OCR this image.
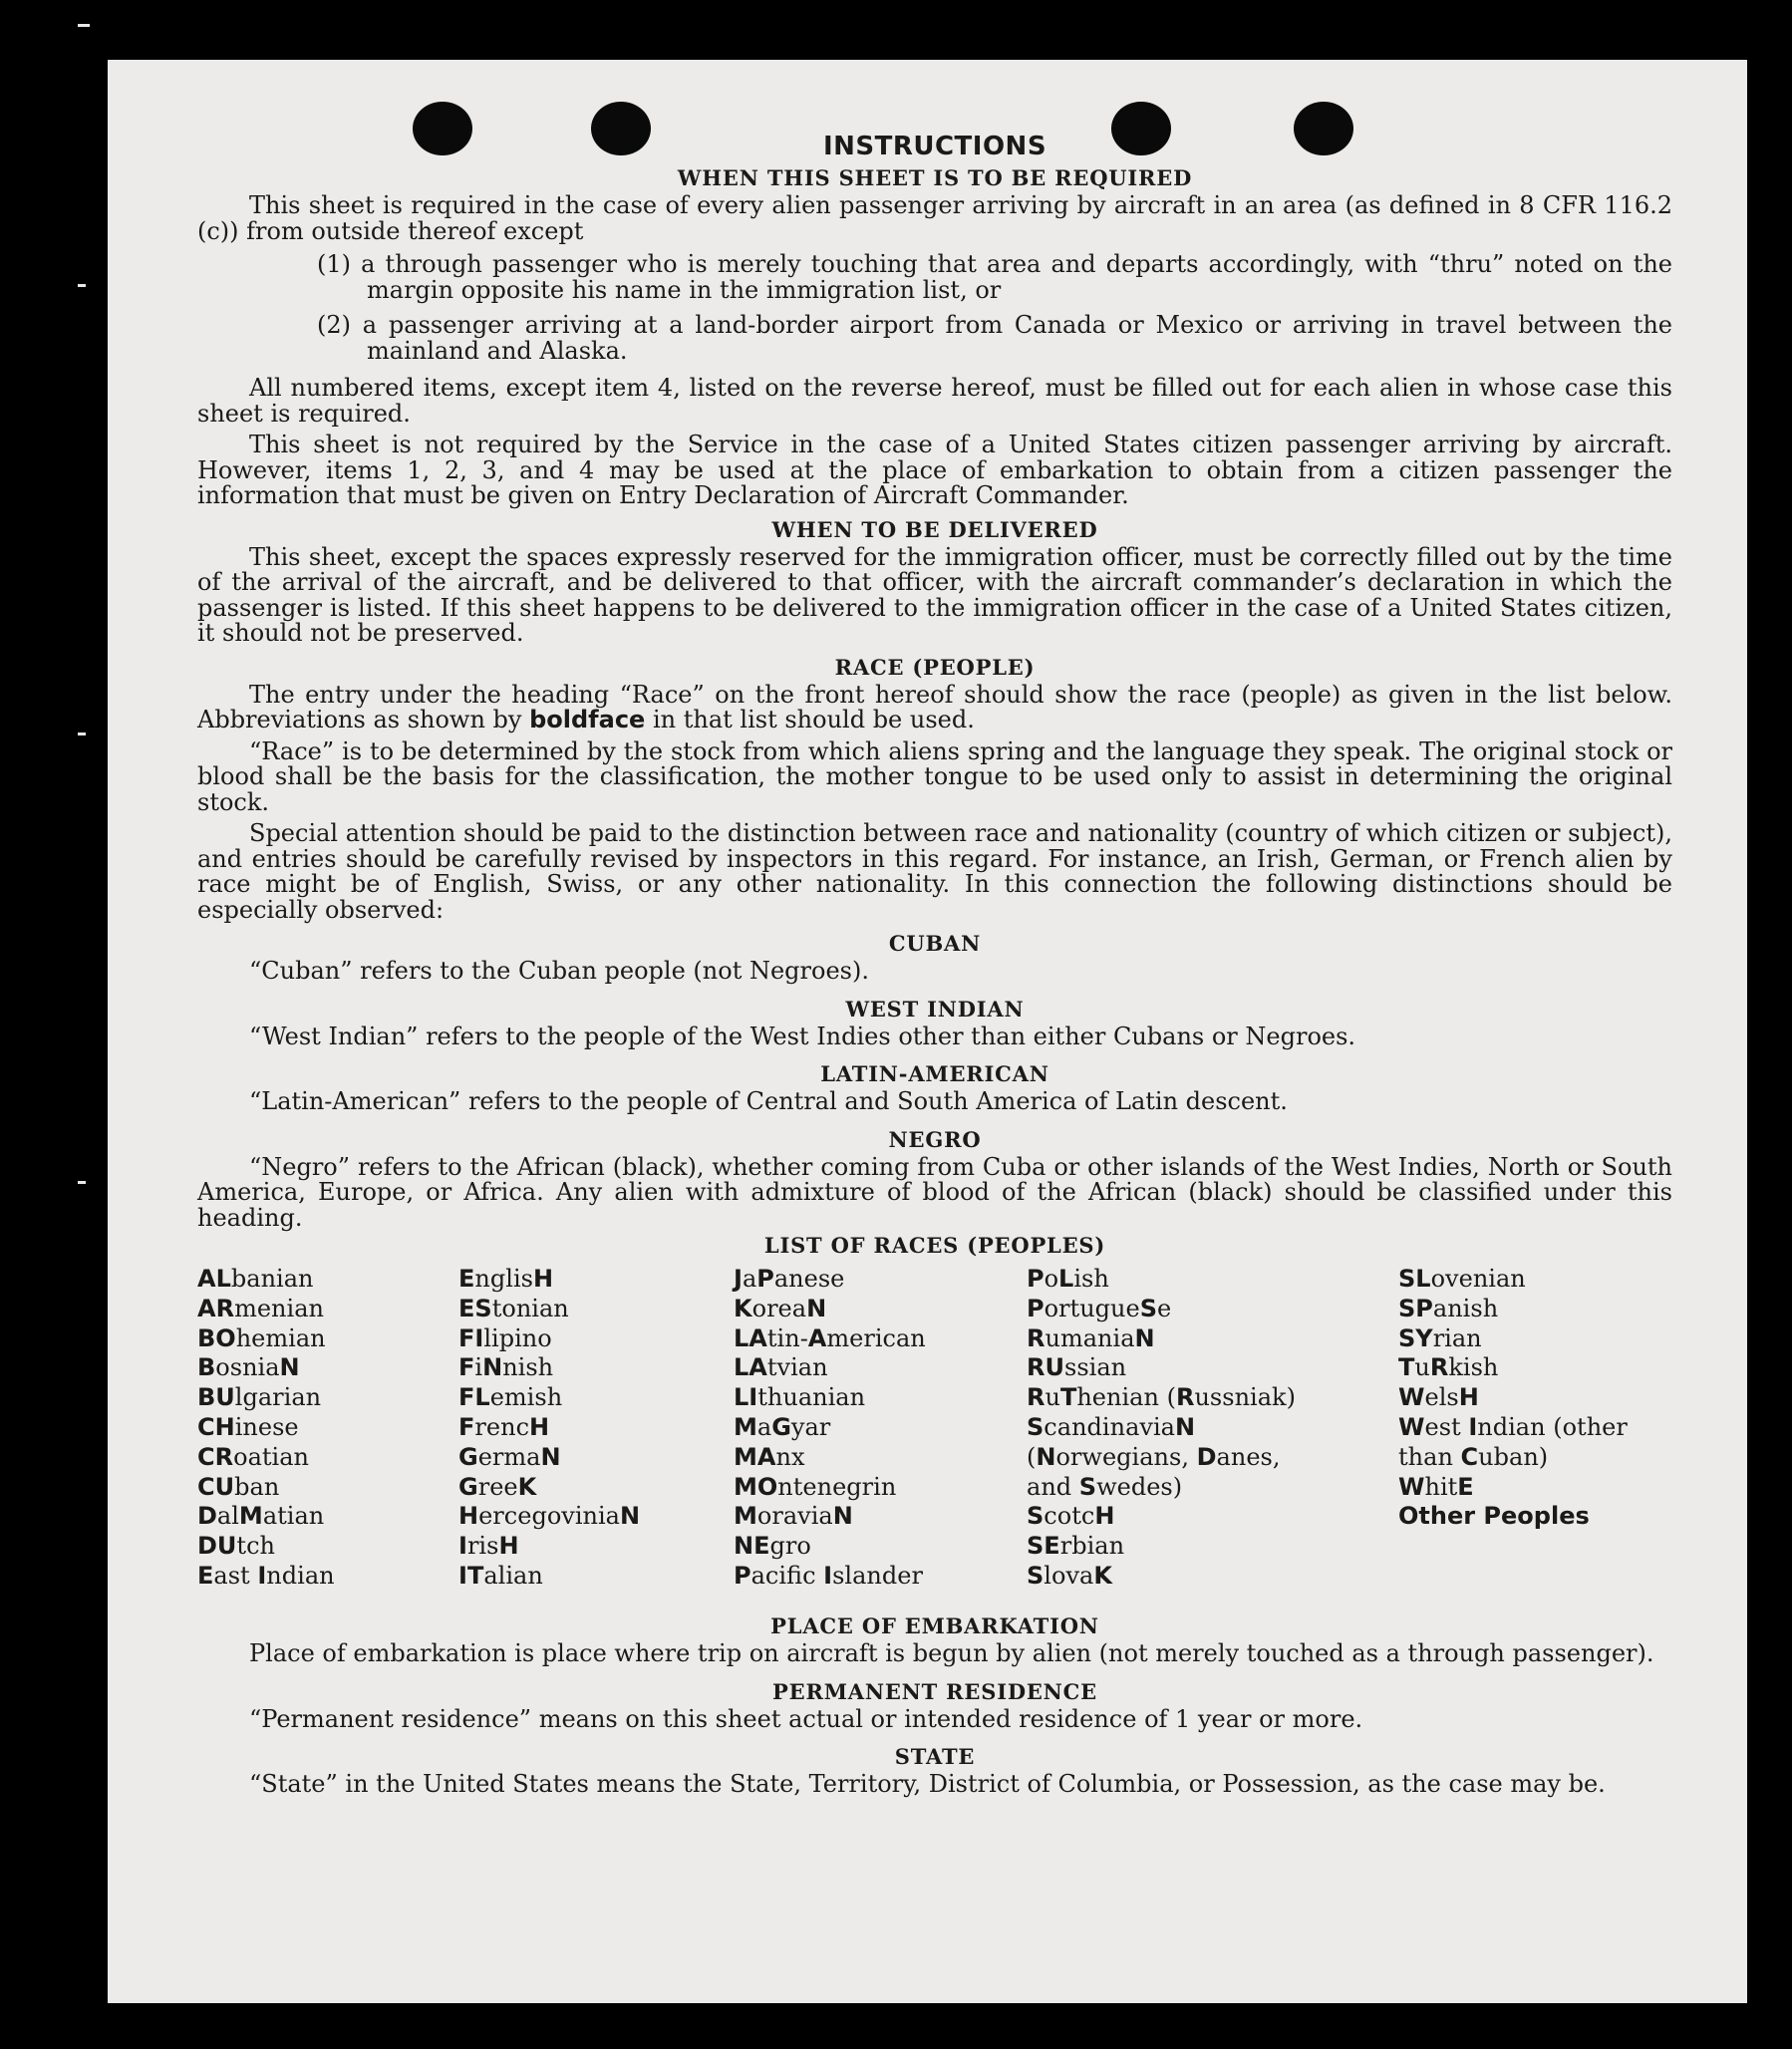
INSTRUCTIONS
WHEN THIS SHEET IS TO BE REQUIRED

This sheet is required in the case of every alien passenger arriving by aircraft in an area (as defined in 8 CFR 116.2 (c)) from outside thereof except

(1) a through passenger who is merely touching that area and departs accordingly, with “thru” noted on the margin opposite his name in the immigration list, or
(2) a passenger arriving at a land-border airport from Canada or Mexico or arriving in travel between the mainland and Alaska.

All numbered items, except item 4, listed on the reverse hereof, must be filled out for each alien in whose case this sheet is required.

This sheet is not required by the Service in the case of a United States citizen passenger arriving by aircraft. However, items 1, 2, 3, and 4 may be used at the place of embarkation to obtain from a citizen passenger the information that must be given on Entry Declaration of Aircraft Commander.

WHEN TO BE DELIVERED

This sheet, except the spaces expressly reserved for the immigration officer, must be correctly filled out by the time of the arrival of the aircraft, and be delivered to that officer, with the aircraft commander’s declaration in which the passenger is listed. If this sheet happens to be delivered to the immigration officer in the case of a United States citizen, it should not be preserved.

RACE (PEOPLE)

The entry under the heading “Race” on the front hereof should show the race (people) as given in the list below. Abbreviations as shown by boldface in that list should be used.

“Race” is to be determined by the stock from which aliens spring and the language they speak. The original stock or blood shall be the basis for the classification, the mother tongue to be used only to assist in determining the original stock.

Special attention should be paid to the distinction between race and nationality (country of which citizen or subject), and entries should be carefully revised by inspectors in this regard. For instance, an Irish, German, or French alien by race might be of English, Swiss, or any other nationality. In this connection the following distinctions should be especially observed:

CUBAN

“Cuban” refers to the Cuban people (not Negroes).

WEST INDIAN

“West Indian” refers to the people of the West Indies other than either Cubans or Negroes.

LATIN-AMERICAN

“Latin-American” refers to the people of Central and South America of Latin descent.

NEGRO

“Negro” refers to the African (black), whether coming from Cuba or other islands of the West Indies, North or South America, Europe, or Africa. Any alien with admixture of blood of the African (black) should be classified under this heading.

LIST OF RACES (PEOPLES)
ALbanian
ARmenian
BOhemian
BosniaN
BUlgarian
CHinese
CRoatian
CUban
DalMatian
DUtch
East Indian
EnglisH
EStonian
FIlipino
FiNnish
FLemish
FrencH
GermaN
GreeK
HercegoviniaN
IrisH
ITalian
JaPanese
KoreaN
LAtin-American
LAtvian
LIthuanian
MaGyar
MAnx
MOntenegrin
MoraviaN
NEgro
Pacifc Islander
PoLish
PortugueSe
RumaniaN
RUssian
RuThenian (Russniak)
ScandinaviaN (Norwegians, Danes, and Swedes)
ScotcH
SErbian
SlovaK
SLovenian
SPanish
SYrian
TuRkish
WelsH
West Indian (other than Cuban)
WhitE
Other Peoples
PLACE OF EMBARKATION

Place of embarkation is place where trip on aircraft is begun by alien (not merely touched as a through passenger).

PERMANENT RESIDENCE

“Permanent residence” means on this sheet actual or intended residence of 1 year or more.

STATE

“State” in the United States means the State, Territory, District of Columbia, or Possession, as the case may be.
